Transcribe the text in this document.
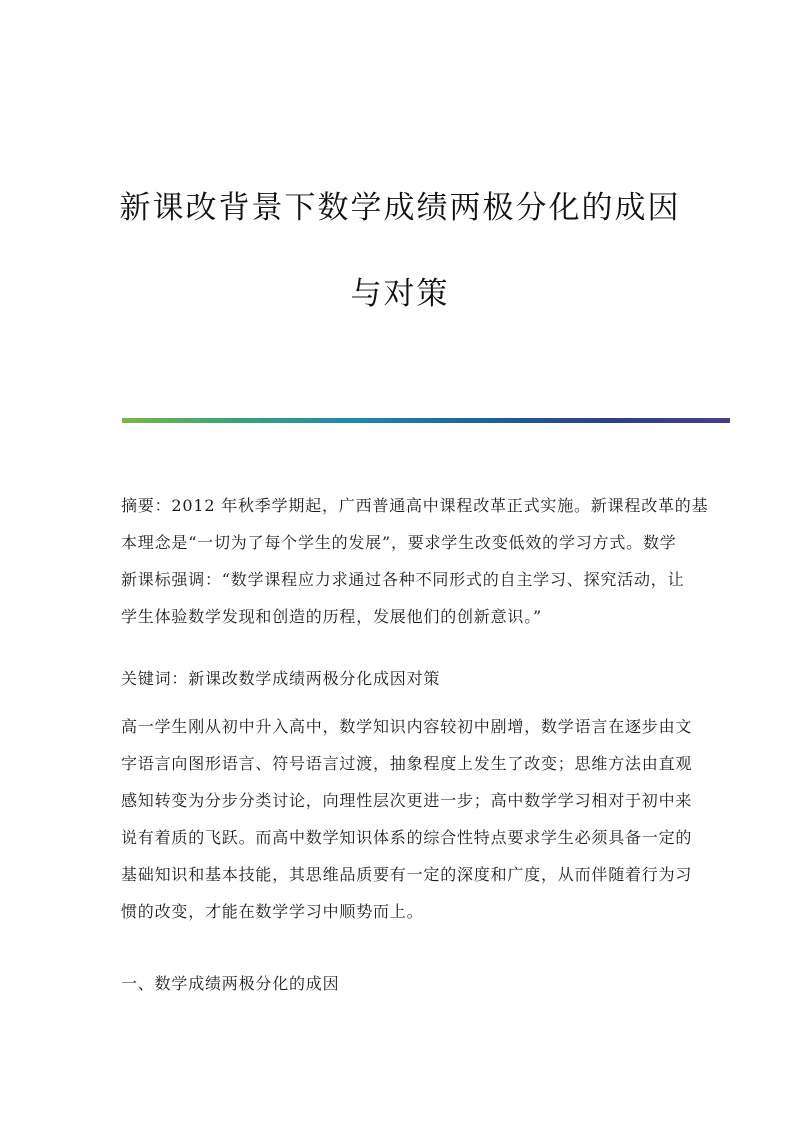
新课改背景下数学成绩两极分化的成因
与对策
摘要：2012 年秋季学期起，广西普通高中课程改革正式实施。新课程改革的基
本理念是“一切为了每个学生的发展”，要求学生改变低效的学习方式。数学
新课标强调：“数学课程应力求通过各种不同形式的自主学习、探究活动，让
学生体验数学发现和创造的历程，发展他们的创新意识。”
关键词：新课改数学成绩两极分化成因对策
高一学生刚从初中升入高中，数学知识内容较初中剧增，数学语言在逐步由文
字语言向图形语言、符号语言过渡，抽象程度上发生了改变；思维方法由直观
感知转变为分步分类讨论，向理性层次更进一步；高中数学学习相对于初中来
说有着质的飞跃。而高中数学知识体系的综合性特点要求学生必须具备一定的
基础知识和基本技能，其思维品质要有一定的深度和广度，从而伴随着行为习
惯的改变，才能在数学学习中顺势而上。
一、数学成绩两极分化的成因
